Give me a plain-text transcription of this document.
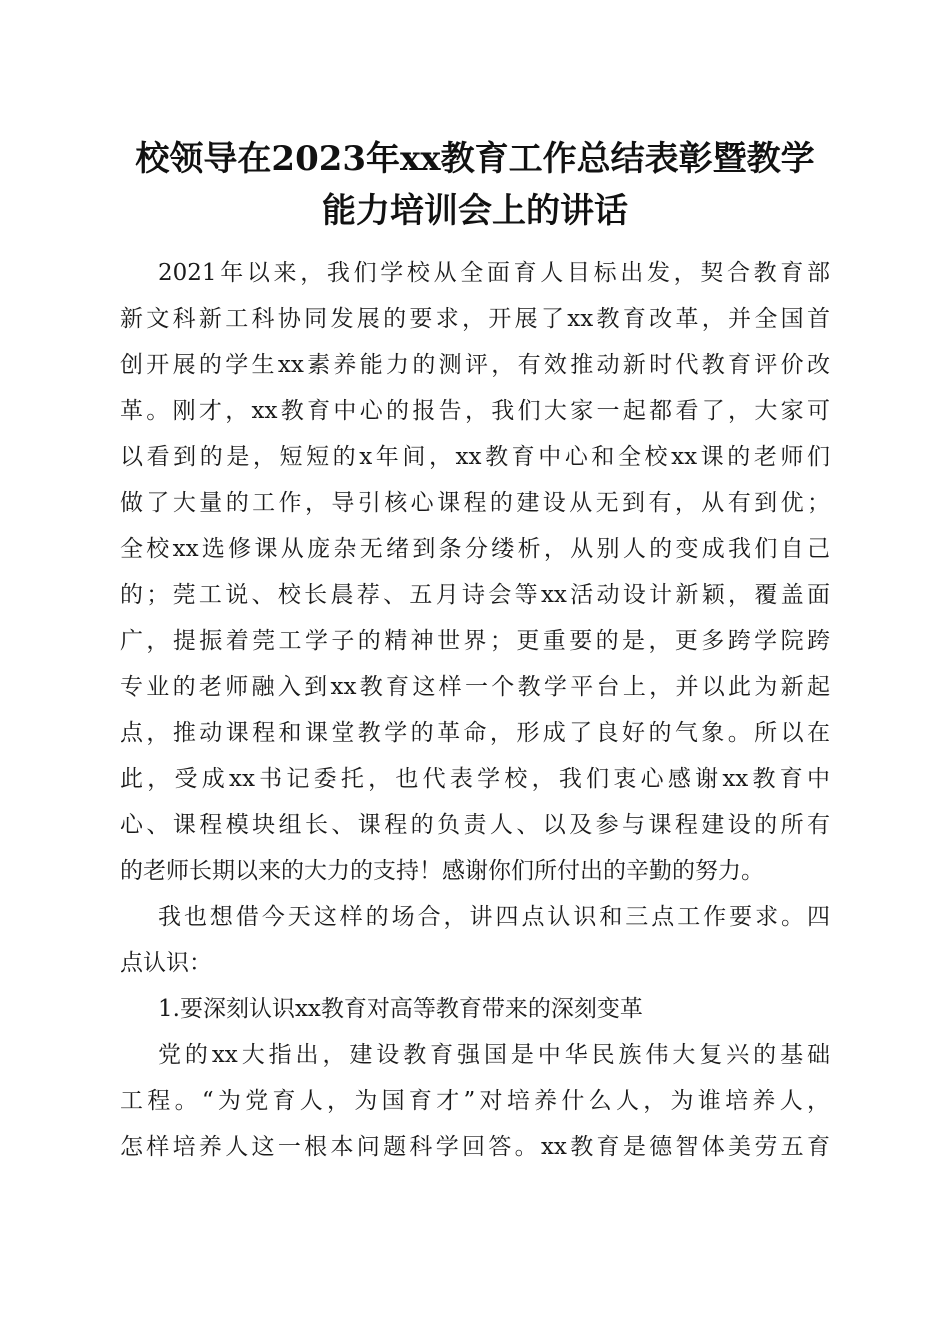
校领导在2023年xx教育工作总结表彰暨教学
能力培训会上的讲话
2021年以来，我们学校从全面育人目标出发，契合教育部
新文科新工科协同发展的要求，开展了xx教育改革，并全国首
创开展的学生xx素养能力的测评，有效推动新时代教育评价改
革。刚才，xx教育中心的报告，我们大家一起都看了，大家可
以看到的是，短短的x年间，xx教育中心和全校xx课的老师们
做了大量的工作，导引核心课程的建设从无到有，从有到优；
全校xx选修课从庞杂无绪到条分缕析，从别人的变成我们自己
的；莞工说、校长晨荐、五月诗会等xx活动设计新颖，覆盖面
广，提振着莞工学子的精神世界；更重要的是，更多跨学院跨
专业的老师融入到xx教育这样一个教学平台上，并以此为新起
点，推动课程和课堂教学的革命，形成了良好的气象。所以在
此，受成xx书记委托，也代表学校，我们衷心感谢xx教育中
心、课程模块组长、课程的负责人、以及参与课程建设的所有
的老师长期以来的大力的支持！感谢你们所付出的辛勤的努力。
我也想借今天这样的场合，讲四点认识和三点工作要求。四
点认识：
1.要深刻认识xx教育对高等教育带来的深刻变革
党的xx大指出，建设教育强国是中华民族伟大复兴的基础
工程。“为党育人，为国育才”对培养什么人，为谁培养人，
怎样培养人这一根本问题科学回答。xx教育是德智体美劳五育
